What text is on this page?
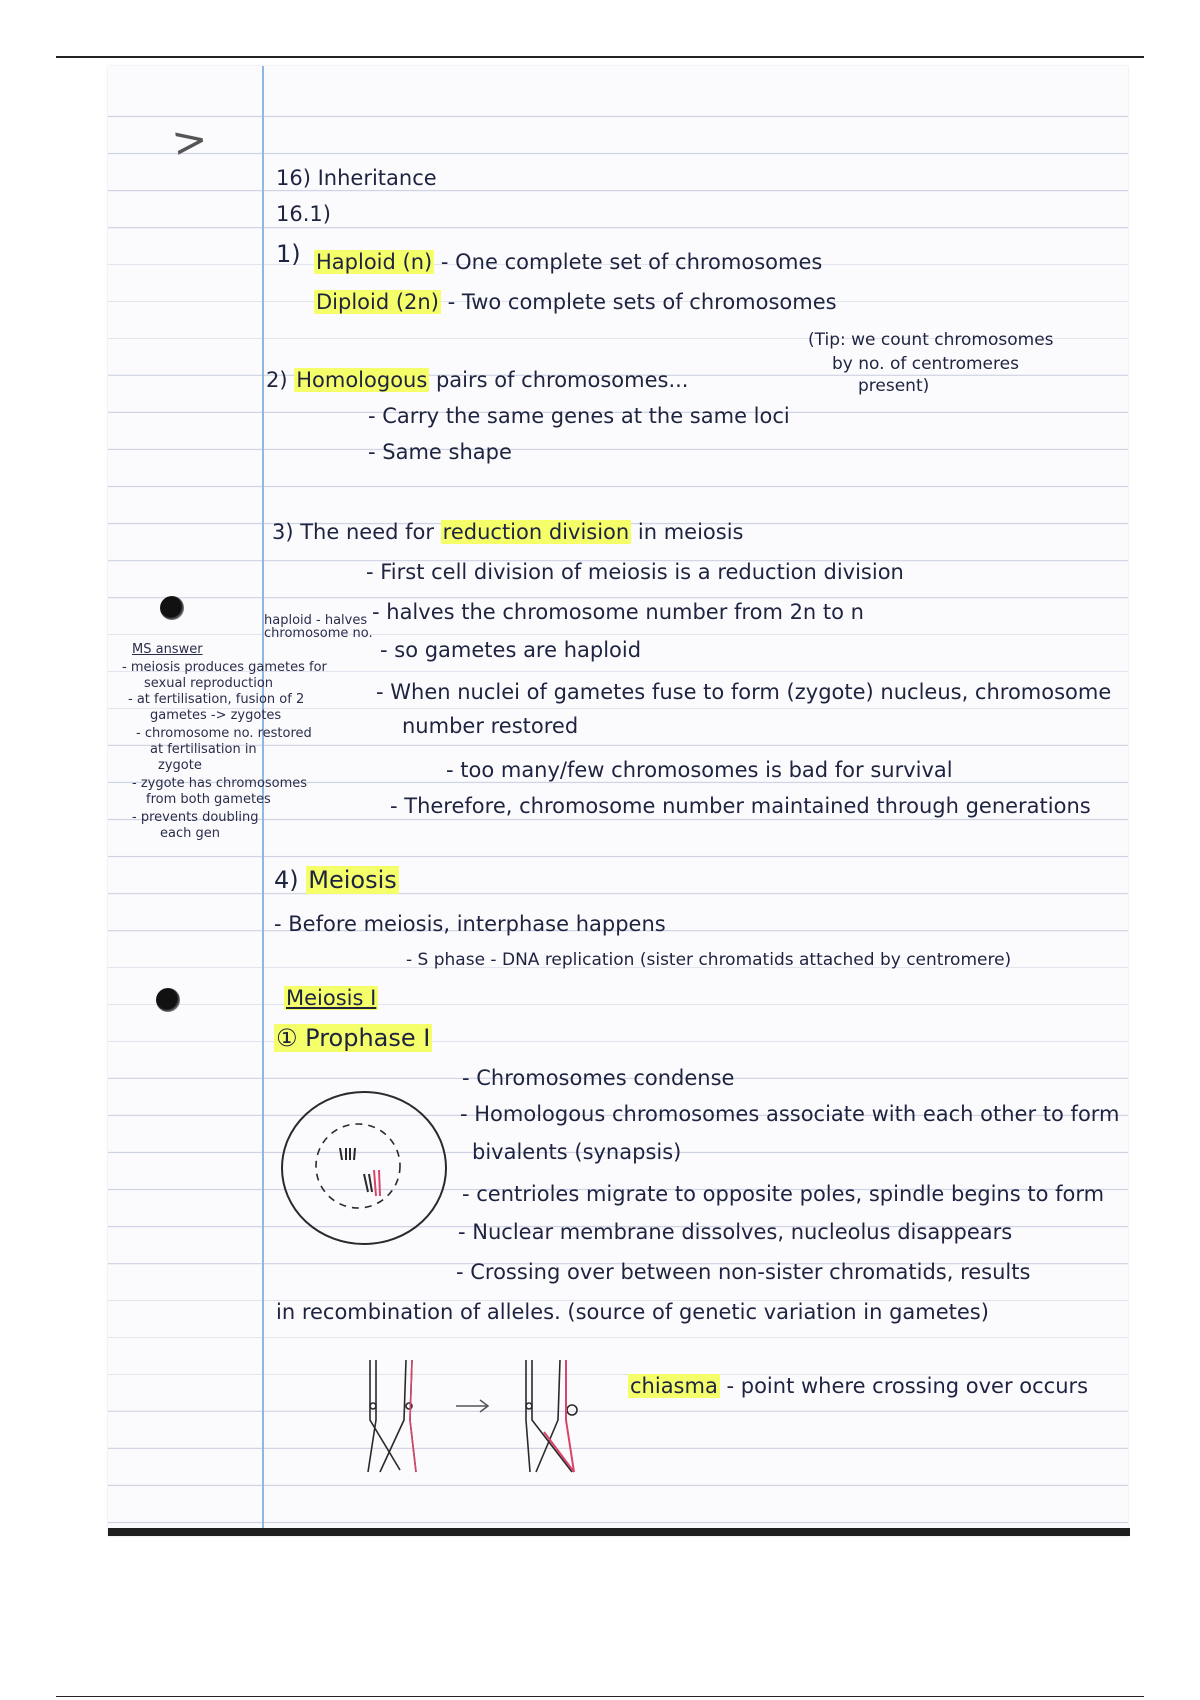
>
16) Inheritance
16.1)
1) Haploid (n) - One complete set of chromosomes
Diploid (2n) - Two complete sets of chromosomes
(Tip: we count chromosomes
by no. of centromeres
present)
2) Homologous pairs of chromosomes...
- Carry the same genes at the same loci
- Same shape
3) The need for reduction division in meiosis
- First cell division of meiosis is a reduction division
- halves the chromosome number from 2n to n
- so gametes are haploid
- When nuclei of gametes fuse to form (zygote) nucleus, chromosome
number restored
- too many/few chromosomes is bad for survival
- Therefore, chromosome number maintained through generations
haploid - halves chromosome no.
MS answer
- meiosis produces gametes for
sexual reproduction
- at fertilisation, fusion of 2
gametes -> zygotes
- chromosome no. restored
at fertilisation in
zygote
- zygote has chromosomes
from both gametes
- prevents doubling
each gen
4) Meiosis
- Before meiosis, interphase happens
- S phase - DNA replication (sister chromatids attached by centromere)
Meiosis I
① Prophase I
- Chromosomes condense
- Homologous chromosomes associate with each other to form
bivalents (synapsis)
- centrioles migrate to opposite poles, spindle begins to form
- Nuclear membrane dissolves, nucleolus disappears
- Crossing over between non-sister chromatids, results
in recombination of alleles. (source of genetic variation in gametes)
chiasma - point where crossing over occurs
